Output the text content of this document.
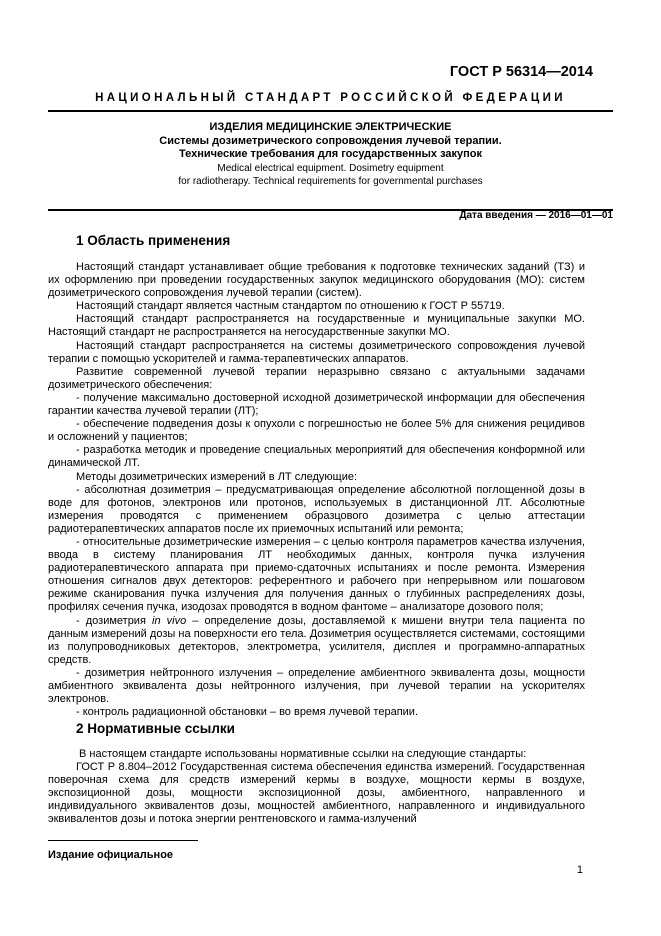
ГОСТ Р 56314—2014
НАЦИОНАЛЬНЫЙ СТАНДАРТ РОССИЙСКОЙ ФЕДЕРАЦИИ

ИЗДЕЛИЯ МЕДИЦИНСКИЕ ЭЛЕКТРИЧЕСКИЕ

Системы дозиметрического сопровождения лучевой терапии.

Технические требования для государственных закупок

Medical electrical equipment. Dosimetry equipment

for radiotherapy. Technical requirements for governmental purchases

Дата введения — 2016—01—01
1 Область применения

Настоящий стандарт устанавливает общие требования к подготовке технических заданий (ТЗ) и их оформлению при проведении государственных закупок медицинского оборудования (МО): систем дозиметрического сопровождения лучевой терапии (систем).

Настоящий стандарт является частным стандартом по отношению к ГОСТ Р 55719.

Настоящий стандарт распространяется на государственные и муниципальные закупки МО. Настоящий стандарт не распространяется на негосударственные закупки МО.

Настоящий стандарт распространяется на системы дозиметрического сопровождения лучевой терапии с помощью ускорителей и гамма-терапевтических аппаратов.

Развитие современной лучевой терапии неразрывно связано с актуальными задачами дозиметрического обеспечения:

- получение максимально достоверной исходной дозиметрической информации для обеспечения гарантии качества лучевой терапии (ЛТ);

- обеспечение подведения дозы к опухоли с погрешностью не более 5% для снижения рецидивов и осложнений у пациентов;

- разработка методик и проведение специальных мероприятий для обеспечения конформной или динамической ЛТ.

Методы дозиметрических измерений в ЛТ следующие:

- абсолютная дозиметрия – предусматривающая определение абсолютной поглощенной дозы в воде для фотонов, электронов или протонов, используемых в дистанционной ЛТ. Абсолютные измерения проводятся с применением образцового дозиметра с целью аттестации радиотерапевтических аппаратов после их приемочных испытаний или ремонта;

- относительные дозиметрические измерения – с целью контроля параметров качества излучения, ввода в систему планирования ЛТ необходимых данных, контроля пучка излучения радиотерапевтического аппарата при приемо-сдаточных испытаниях и после ремонта. Измерения отношения сигналов двух детекторов: референтного и рабочего при непрерывном или пошаговом режиме сканирования пучка излучения для получения данных о глубинных распределениях дозы, профилях сечения пучка, изодозах проводятся в водном фантоме – анализаторе дозового поля;

- дозиметрия in vivo – определение дозы, доставляемой к мишени внутри тела пациента по данным измерений дозы на поверхности его тела. Дозиметрия осуществляется системами, состоящими из полупроводниковых детекторов, электрометра, усилителя, дисплея и программно-аппаратных средств.

- дозиметрия нейтронного излучения – определение амбиентного эквивалента дозы, мощности амбиентного эквивалента дозы нейтронного излучения, при лучевой терапии на ускорителях электронов.

- контроль радиационной обстановки – во время лучевой терапии.

2 Нормативные ссылки

В настоящем стандарте использованы нормативные ссылки на следующие стандарты:

ГОСТ Р 8.804–2012 Государственная система обеспечения единства измерений. Государственная поверочная схема для средств измерений кермы в воздухе, мощности кермы в воздухе, экспозиционной дозы, мощности экспозиционной дозы, амбиентного, направленного и индивидуального эквивалентов дозы, мощностей амбиентного, направленного и индивидуального эквивалентов дозы и потока энергии рентгеновского и гамма-излучений

Издание официальное
1
